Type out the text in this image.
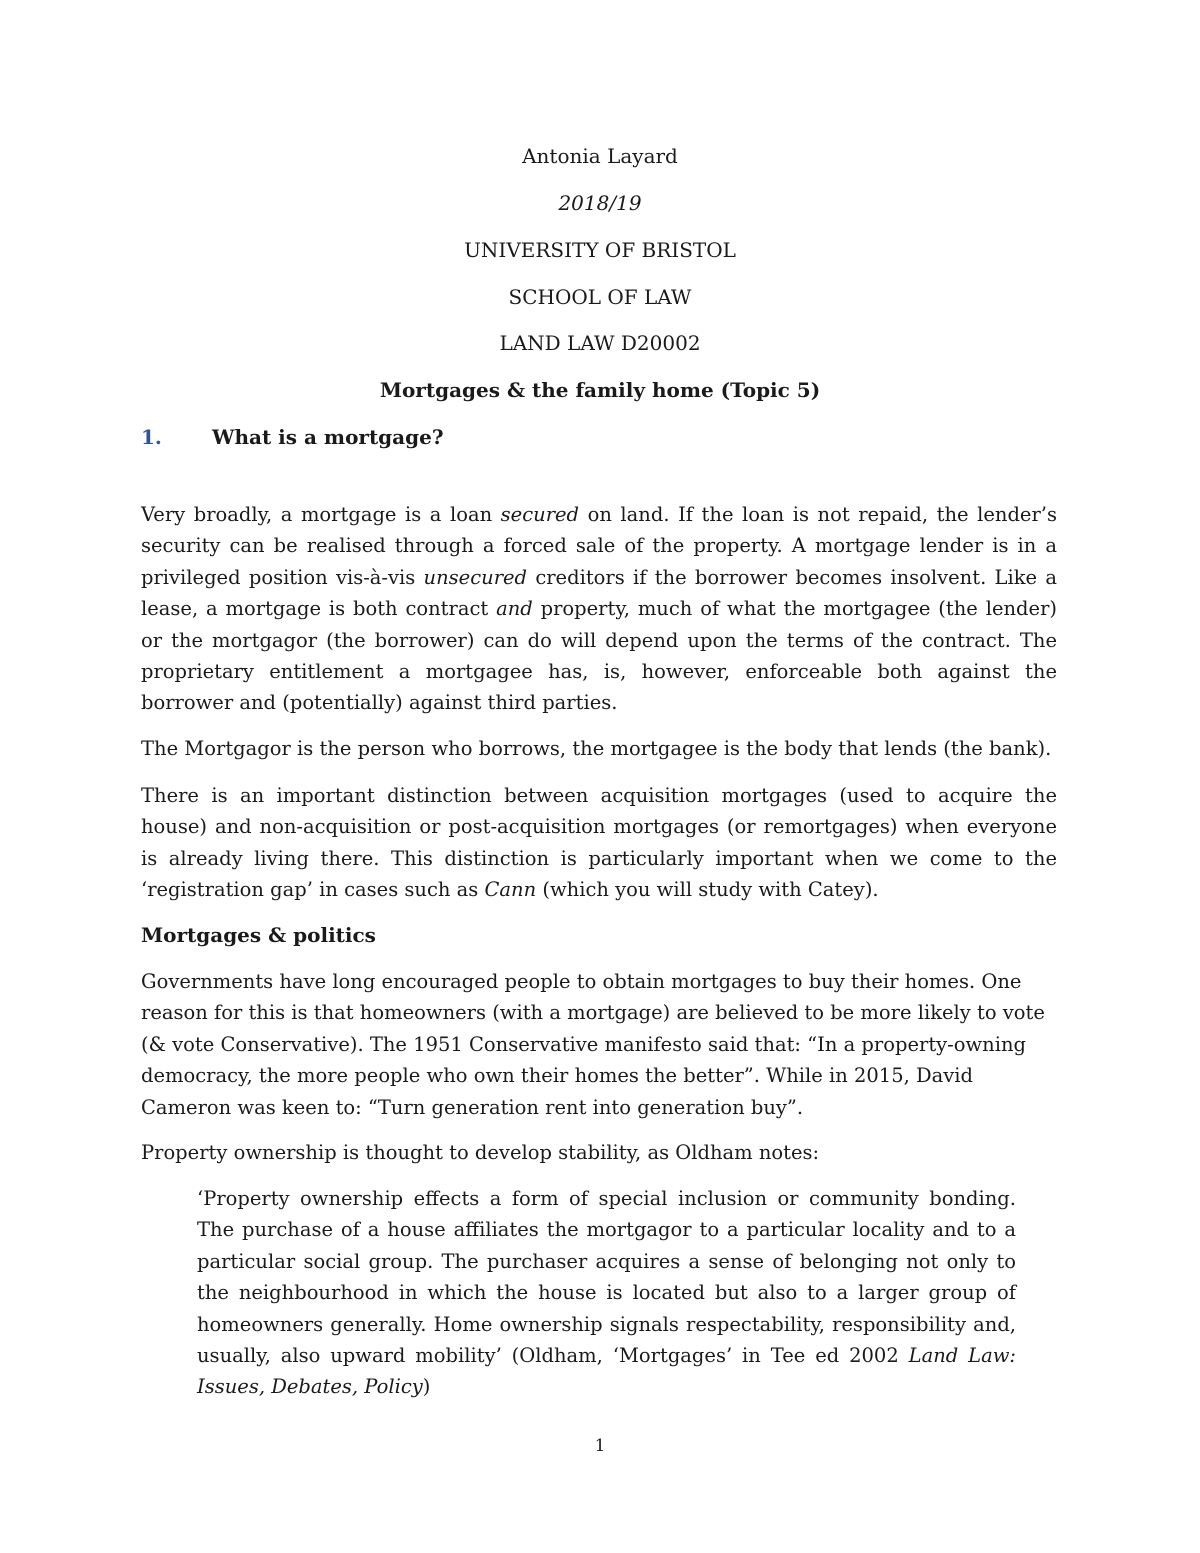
Antonia Layard
2018/19
UNIVERSITY OF BRISTOL
SCHOOL OF LAW
LAND LAW D20002
Mortgages & the family home (Topic 5)
1.	What is a mortgage?

Very broadly, a mortgage is a loan secured on land. If the loan is not repaid, the lender’s security can be realised through a forced sale of the property. A mortgage lender is in a privileged position vis-à-vis unsecured creditors if the borrower becomes insolvent. Like a lease, a mortgage is both contract and property, much of what the mortgagee (the lender) or the mortgagor (the borrower) can do will depend upon the terms of the contract. The proprietary entitlement a mortgagee has, is, however, enforceable both against the borrower and (potentially) against third parties.

The Mortgagor is the person who borrows, the mortgagee is the body that lends (the bank).

There is an important distinction between acquisition mortgages (used to acquire the house) and non-acquisition or post-acquisition mortgages (or remortgages) when everyone is already living there. This distinction is particularly important when we come to the ‘registration gap’ in cases such as Cann (which you will study with Catey).

Mortgages & politics

Governments have long encouraged people to obtain mortgages to buy their homes. One reason for this is that homeowners (with a mortgage) are believed to be more likely to vote (& vote Conservative). The 1951 Conservative manifesto said that: “In a property-owning democracy, the more people who own their homes the better”. While in 2015, David Cameron was keen to: “Turn generation rent into generation buy”.

Property ownership is thought to develop stability, as Oldham notes:

‘Property ownership effects a form of special inclusion or community bonding. The purchase of a house affiliates the mortgagor to a particular locality and to a particular social group. The purchaser acquires a sense of belonging not only to the neighbourhood in which the house is located but also to a larger group of homeowners generally. Home ownership signals respectability, responsibility and, usually, also upward mobility’ (Oldham, ‘Mortgages’ in Tee ed 2002 Land Law: Issues, Debates, Policy)

1
